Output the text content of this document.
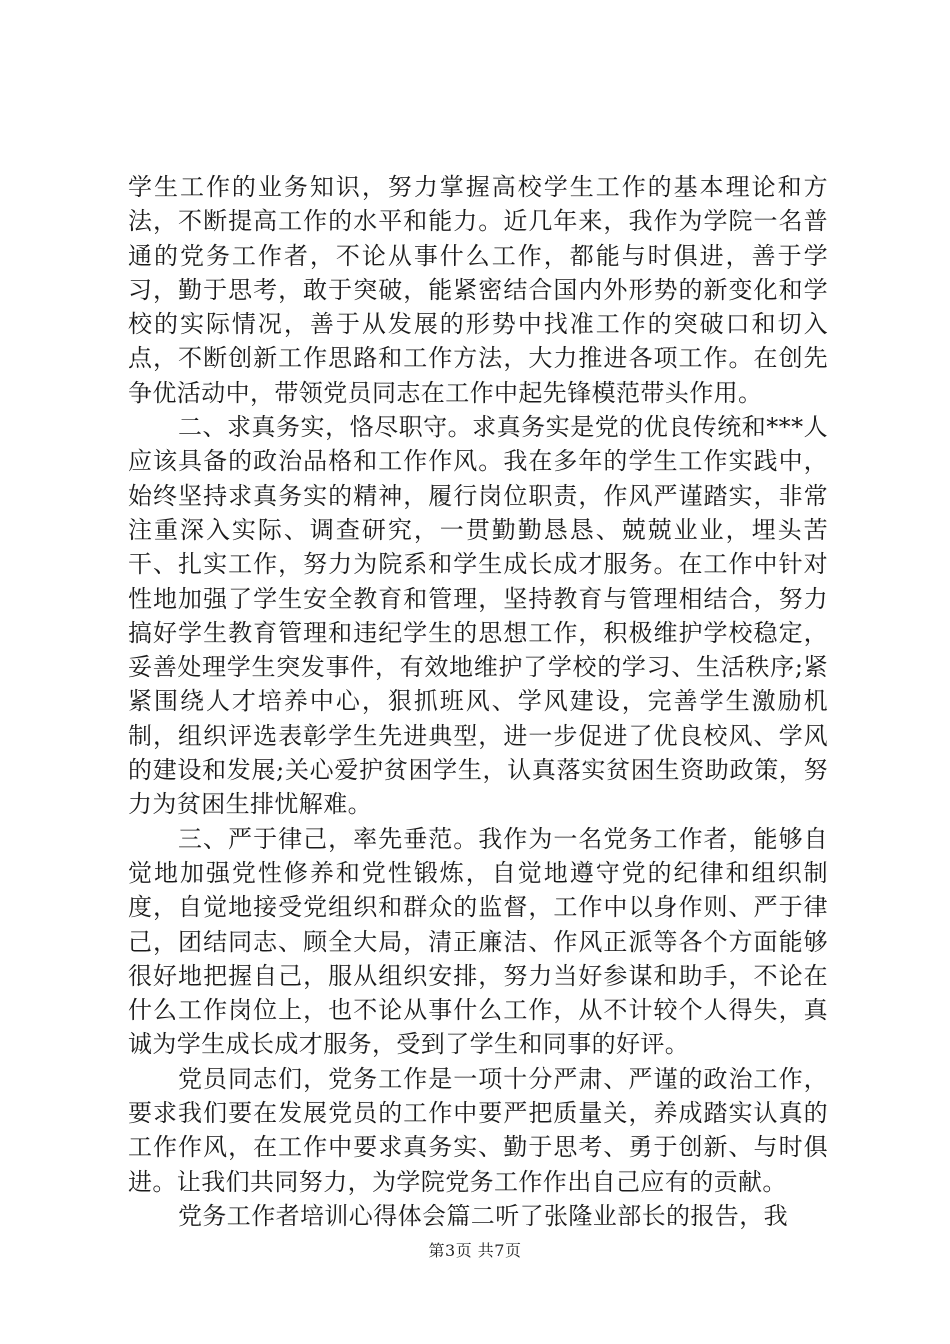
学生工作的业务知识，努力掌握高校学生工作的基本理论和方法，不断提高工作的水平和能力。近几年来，我作为学院一名普通的党务工作者，不论从事什么工作，都能与时俱进，善于学习，勤于思考，敢于突破，能紧密结合国内外形势的新变化和学校的实际情况，善于从发展的形势中找准工作的突破口和切入点，不断创新工作思路和工作方法，大力推进各项工作。在创先争优活动中，带领党员同志在工作中起先锋模范带头作用。

二、求真务实，恪尽职守。求真务实是党的优良传统和***人应该具备的政治品格和工作作风。我在多年的学生工作实践中，始终坚持求真务实的精神，履行岗位职责，作风严谨踏实，非常注重深入实际、调查研究，一贯勤勤恳恳、兢兢业业，埋头苦干、扎实工作，努力为院系和学生成长成才服务。在工作中针对性地加强了学生安全教育和管理，坚持教育与管理相结合，努力搞好学生教育管理和违纪学生的思想工作，积极维护学校稳定，妥善处理学生突发事件，有效地维护了学校的学习、生活秩序;紧紧围绕人才培养中心，狠抓班风、学风建设，完善学生激励机制，组织评选表彰学生先进典型，进一步促进了优良校风、学风的建设和发展;关心爱护贫困学生，认真落实贫困生资助政策，努力为贫困生排忧解难。

三、严于律己，率先垂范。我作为一名党务工作者，能够自觉地加强党性修养和党性锻炼，自觉地遵守党的纪律和组织制度，自觉地接受党组织和群众的监督，工作中以身作则、严于律己，团结同志、顾全大局，清正廉洁、作风正派等各个方面能够很好地把握自己，服从组织安排，努力当好参谋和助手，不论在什么工作岗位上，也不论从事什么工作，从不计较个人得失，真诚为学生成长成才服务，受到了学生和同事的好评。

党员同志们，党务工作是一项十分严肃、严谨的政治工作，要求我们要在发展党员的工作中要严把质量关，养成踏实认真的工作作风，在工作中要求真务实、勤于思考、勇于创新、与时俱进。让我们共同努力，为学院党务工作作出自己应有的贡献。

党务工作者培训心得体会篇二听了张隆业部长的报告，我

第3页 共7页
